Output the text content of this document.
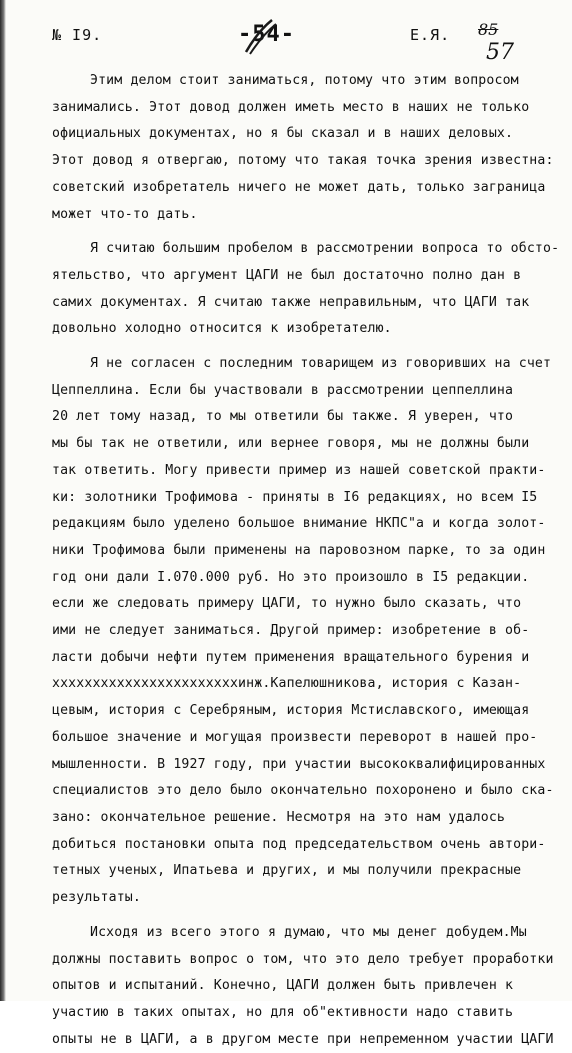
№ I9.	-54-	Е.Я. 85
57
Этим делом стоит заниматься, потому что этим вопросом
занимались. Этот довод должен иметь место в наших не только
официальных документах, но я бы сказал и в наших деловых.
Этот довод я отвергаю, потому что такая точка зрения известна:
советский изобретатель ничего не может дать, только заграница
может что-то дать.
Я считаю большим пробелом в рассмотрении вопроса то обсто-
ятельство, что аргумент ЦАГИ не был достаточно полно дан в
самих документах. Я считаю также неправильным, что ЦАГИ так
довольно холодно относится к изобретателю.
Я не согласен с последним товарищем из говоривших на счет
Цеппеллина. Если бы участвовали в рассмотрении цеппеллина
20 лет тому назад, то мы ответили бы также. Я уверен, что
мы бы так не ответили, или вернее говоря, мы не должны были
так ответить. Могу привести пример из нашей советской практи-
ки: золотники Трофимова - приняты в I6 редакциях, но всем I5
редакциям было уделено большое внимание НКПС"а и когда золот-
ники Трофимова были применены на паровозном парке, то за один
год они дали I.070.000 руб. Но это произошло в I5 редакции.
если же следовать примеру ЦАГИ, то нужно было сказать, что
ими не следует заниматься. Другой пример: изобретение в об-
ласти добычи нефти путем применения вращательного бурения и
хххххххххххххххххххххххинж.Капелюшникова, история с Казан-
цевым, история с Серебряным, история Мстиславского, имеющая
большое значение и могущая произвести переворот в нашей про-
мышленности. В 1927 году, при участии высококвалифицированных
специалистов это дело было окончательно похоронено и было ска-
зано: окончательное решение. Несмотря на это нам удалось
добиться постановки опыта под председательством очень автори-
тетных ученых, Ипатьева и других, и мы получили прекрасные
результаты.
Исходя из всего этого я думаю, что мы денег добудем.Мы
должны поставить вопрос о том, что это дело требует проработки
опытов и испытаний. Конечно, ЦАГИ должен быть привлечен к
участию в таких опытах, но для об"ективности надо ставить
опыты не в ЦАГИ, а в другом месте при непременном участии ЦАГИ
